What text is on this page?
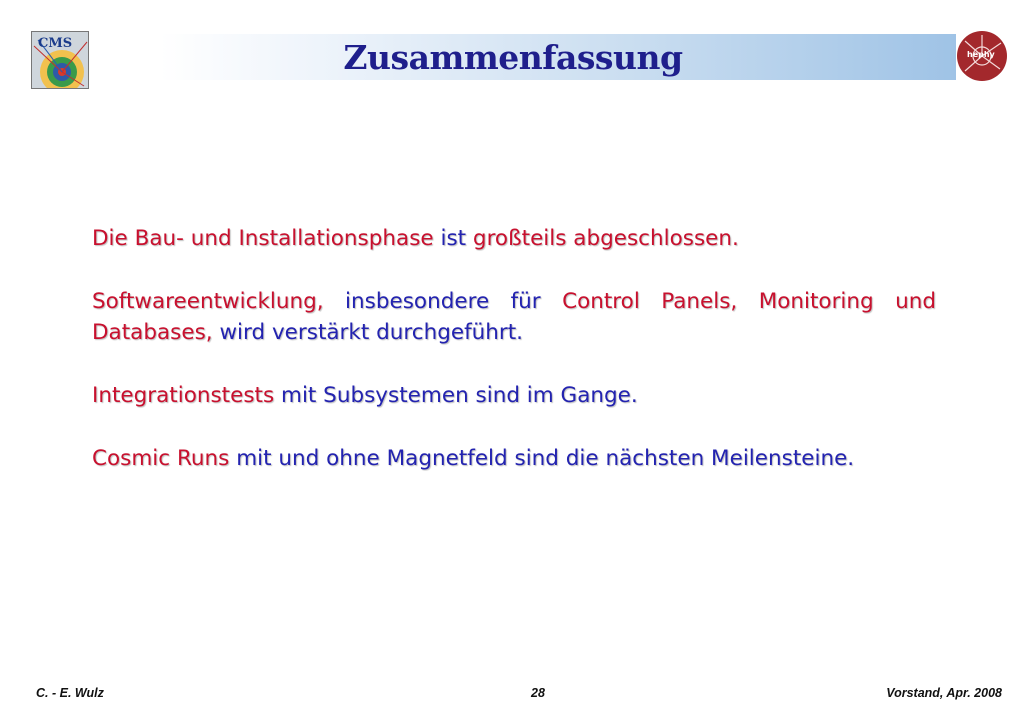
Zusammenfassung
CMS
hephy

Die Bau- und Installationsphase ist großteils abgeschlossen.

Softwareentwicklung, insbesondere für Control Panels, Monitoring und Databases, wird verstärkt durchgeführt.

Integrationstests mit Subsystemen sind im Gange.

Cosmic Runs mit und ohne Magnetfeld sind die nächsten Meilensteine.

C. - E. Wulz	28	Vorstand, Apr. 2008
